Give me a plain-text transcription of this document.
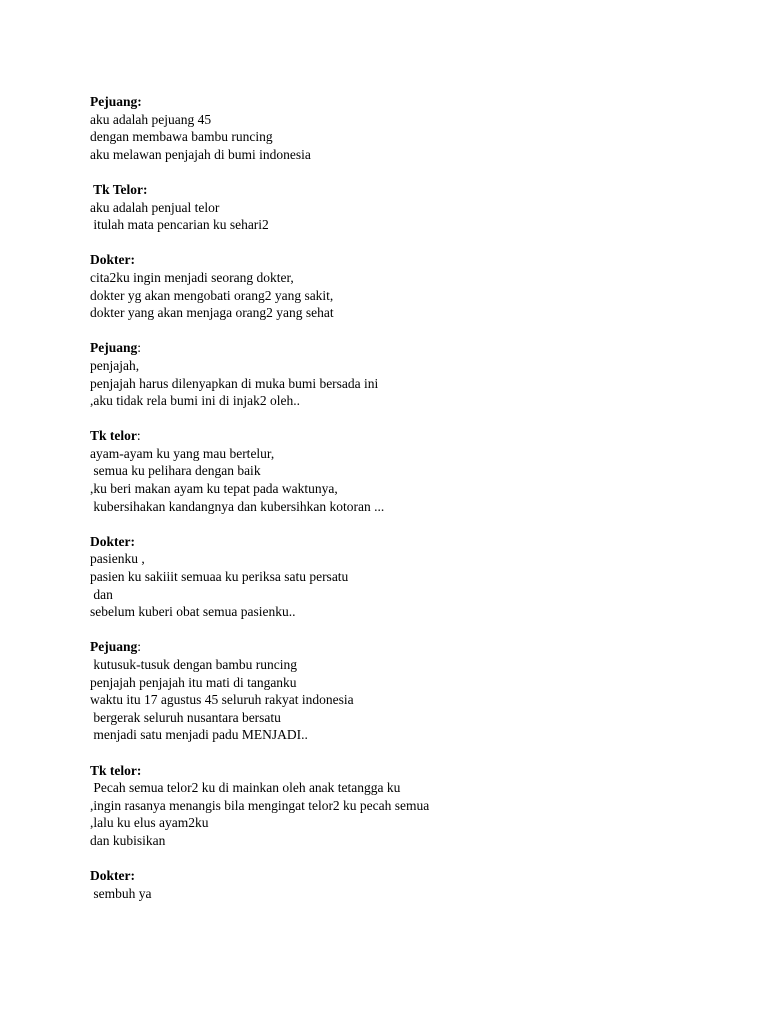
Pejuang:
aku adalah pejuang 45
dengan membawa bambu runcing
aku melawan penjajah di bumi indonesia
Tk Telor:
aku adalah penjual telor
itulah mata pencarian ku sehari2
Dokter:
cita2ku ingin menjadi seorang dokter,
dokter yg akan mengobati orang2 yang sakit,
dokter yang akan menjaga orang2 yang sehat
Pejuang:
penjajah,
penjajah harus dilenyapkan di muka bumi bersada ini
,aku tidak rela bumi ini di injak2 oleh..
Tk telor:
ayam-ayam ku yang mau bertelur,
semua ku pelihara dengan baik
,ku beri makan ayam ku tepat pada waktunya,
kubersihakan kandangnya dan kubersihkan kotoran ...
Dokter:
pasienku ,
pasien ku sakiiit semuaa ku periksa satu persatu
dan
sebelum kuberi obat semua pasienku..
Pejuang:
kutusuk-tusuk dengan bambu runcing
penjajah penjajah itu mati di tanganku
waktu itu 17 agustus 45 seluruh rakyat indonesia
bergerak seluruh nusantara bersatu
menjadi satu menjadi padu MENJADI..
Tk telor:
Pecah semua telor2 ku di mainkan oleh anak tetangga ku
,ingin rasanya menangis bila mengingat telor2 ku pecah semua
,lalu ku elus ayam2ku
dan kubisikan
Dokter:
sembuh ya
